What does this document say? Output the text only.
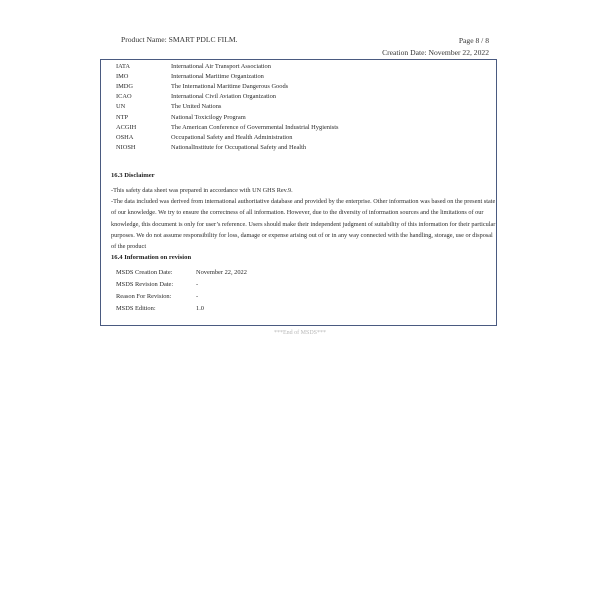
Product Name: SMART PDLC FILM.	Page 8 / 8
Creation Date: November 22, 2022
IATA	International Air Transport Association
IMO	International Maritime Organization
IMDG	The International Maritime Dangerous Goods
ICAO	International Civil Aviation Organization
UN	The United Nations
NTP	National Toxicilogy Program
ACGIH	The American Conference of Governmental Industrial Hygienists
OSHA	Occupational Safety and Health Administration
NIOSH	NationalInstitute for Occupational Safety and Health
16.3 Disclaimer

-This safety data sheet was prepared in accordance with UN GHS Rev.9.

-The data included was derived from international authoritative database and provided by the enterprise. Other information was based on the present state of our knowledge. We try to ensure the correctness of all information. However, due to the diversity of information sources and the limitations of our knowledge, this document is only for user’s reference. Users should make their independent judgment of suitability of this information for their particular purposes. We do not assume responsibility for loss, damage or expense arising out of or in any way connected with the handling, storage, use or disposal of the product

16.4 Information on revision
MSDS Creation Date:	November 22, 2022
MSDS Revision Date:	-
Reason For Revision:	-
MSDS Edition:	1.0
***End of MSDS***
